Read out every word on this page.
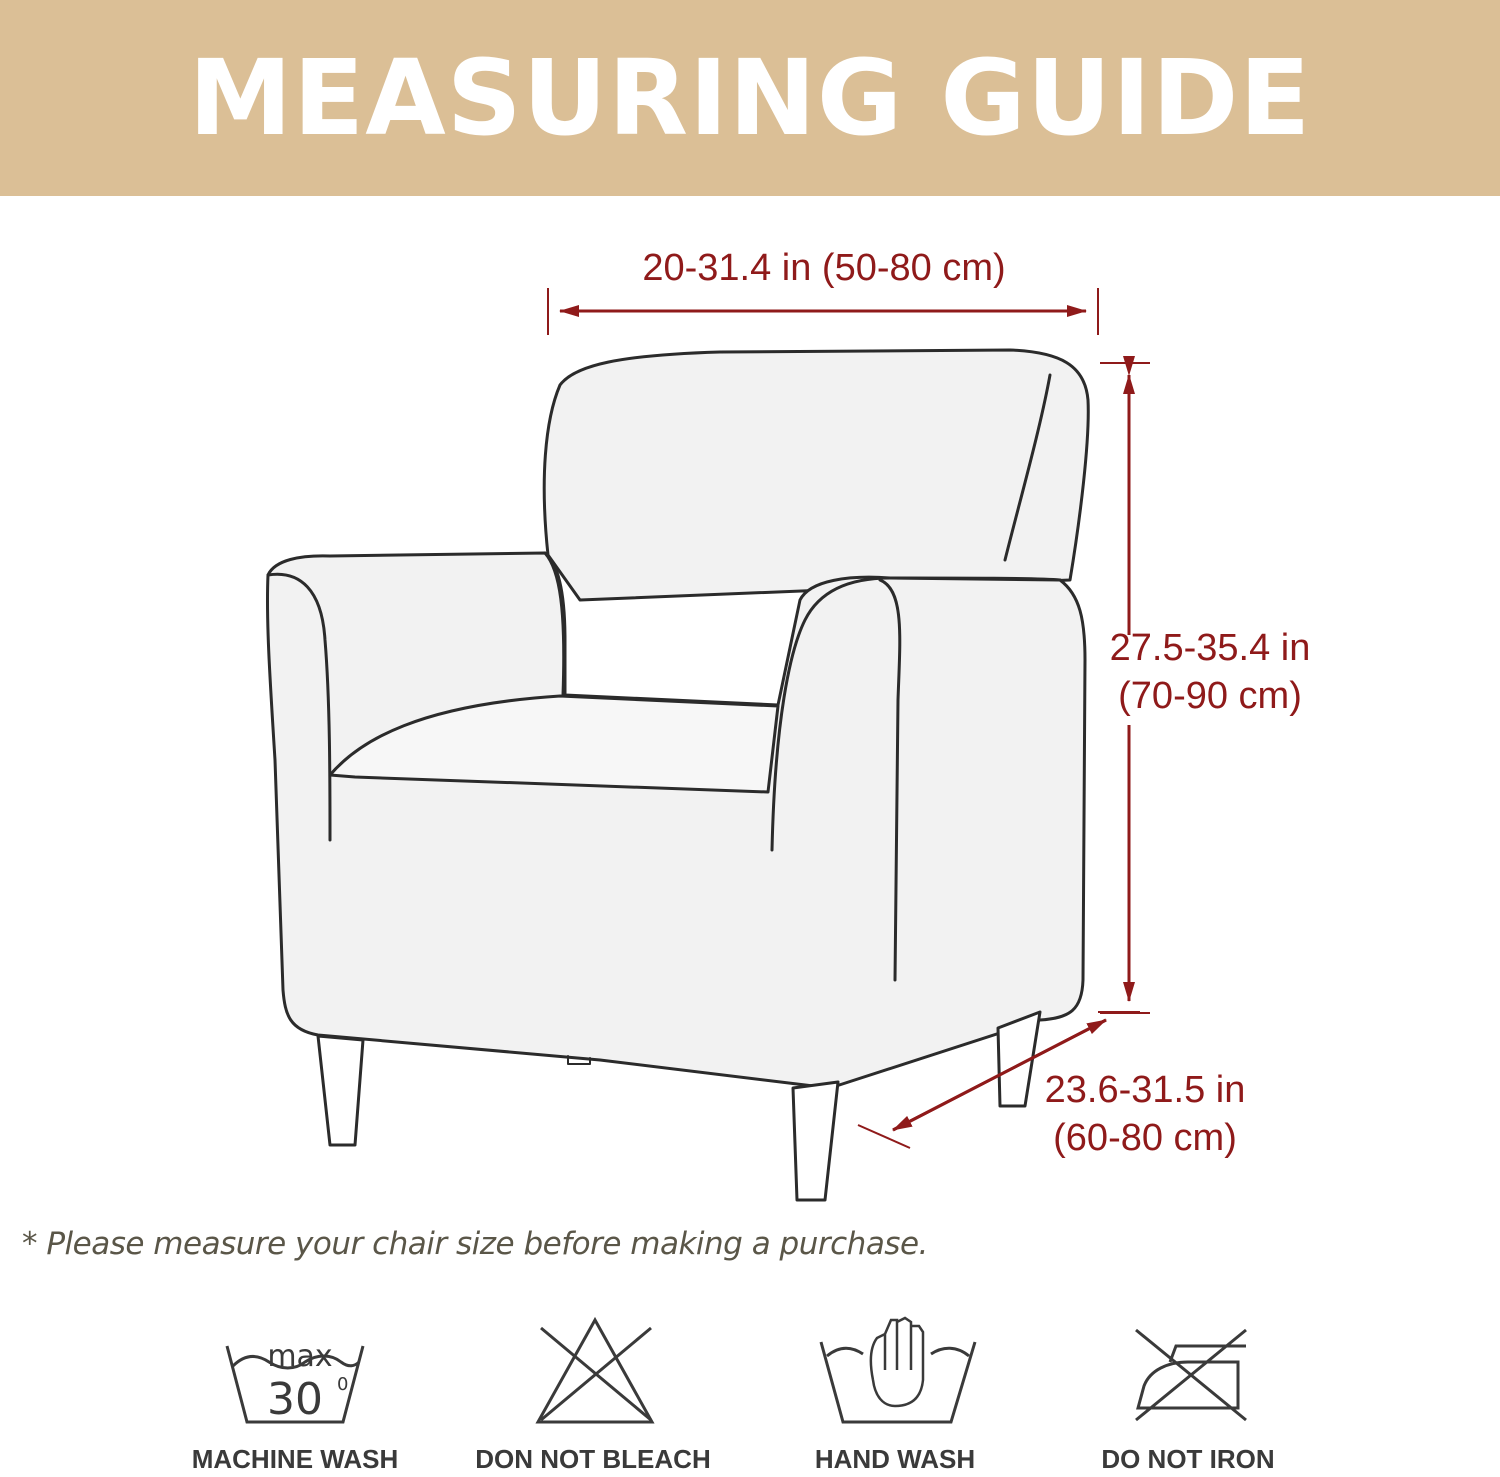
MEASURING GUIDE
20-31.4 in (50-80 cm)
27.5-35.4 in
(70-90 cm)
23.6-31.5 in
(60-80 cm)
* Please measure your chair size before making a purchase.
max
30 0
MACHINE WASH	DON NOT BLEACH	HAND WASH	DO NOT IRON
